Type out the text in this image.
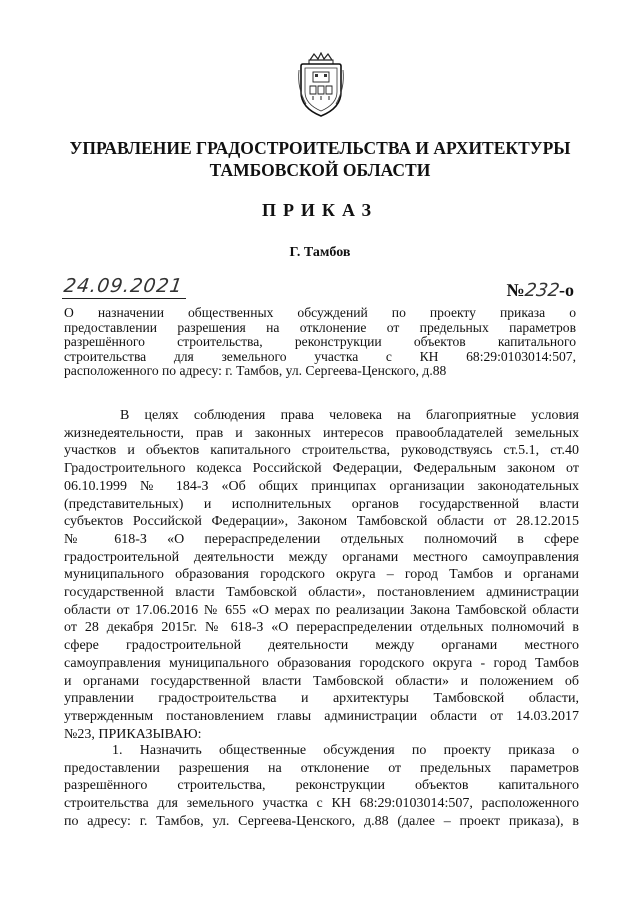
УПРАВЛЕНИЕ ГРАДОСТРОИТЕЛЬСТВА И АРХИТЕКТУРЫ
ТАМБОВСКОЙ ОБЛАСТИ
ПРИКАЗ
Г. Тамбов
24.09.2021	№232-о
О назначении общественных обсуждений по проекту приказа о
предоставлении разрешения на отклонение от предельных параметров
разрешённого строительства, реконструкции объектов капитального
строительства для земельного участка с КН 68:29:0103014:507,
расположенного по адресу: г. Тамбов, ул. Сергеева-Ценского, д.88
В целях соблюдения права человека на благоприятные условия
жизнедеятельности, прав и законных интересов правообладателей земельных
участков и объектов капитального строительства, руководствуясь ст.5.1, ст.40
Градостроительного кодекса Российской Федерации, Федеральным законом от
06.10.1999 № 184-З «Об общих принципах организации законодательных
(представительных) и исполнительных органов государственной власти
субъектов Российской Федерации», Законом Тамбовской области от 28.12.2015
№ 618-З «О перераспределении отдельных полномочий в сфере
градостроительной деятельности между органами местного самоуправления
муниципального образования городского округа – город Тамбов и органами
государственной власти Тамбовской области», постановлением администрации
области от 17.06.2016 № 655 «О мерах по реализации Закона Тамбовской области
от 28 декабря 2015г. № 618-З «О перераспределении отдельных полномочий в
сфере градостроительной деятельности между органами местного
самоуправления муниципального образования городского округа - город Тамбов
и органами государственной власти Тамбовской области» и положением об
управлении градостроительства и архитектуры Тамбовской области,
утвержденным постановлением главы администрации области от 14.03.2017
№23, ПРИКАЗЫВАЮ:
1. Назначить общественные обсуждения по проекту приказа о
предоставлении разрешения на отклонение от предельных параметров
разрешённого строительства, реконструкции объектов капитального
строительства для земельного участка с КН 68:29:0103014:507, расположенного
по адресу: г. Тамбов, ул. Сергеева-Ценского, д.88 (далее – проект приказа), в
